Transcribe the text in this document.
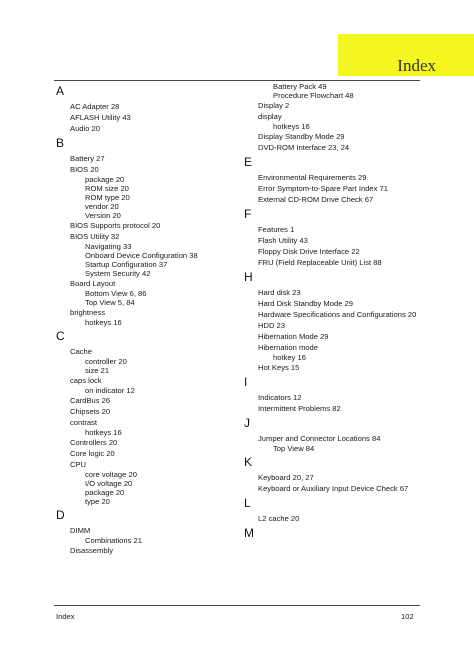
Index
A
AC Adapter 28
AFLASH Utility 43
Audio 20
B
Battery 27
BIOS 20
package 20
ROM size 20
ROM type 20
vendor 20
Version 20
BIOS Supports protocol 20
BIOS Utility 32
Navigating 33
Onboard Device Configuration 38
Startup Configuration 37
System Security 42
Board Layout
Bottom View 6, 86
Top View 5, 84
brightness
hotkeys 16
C
Cache
controller 20
size 21
caps lock
on indicator 12
CardBus 26
Chipsets 20
contrast
hotkeys 16
Controllers 20
Core logic 20
CPU
core voltage 20
I/O voltage 20
package 20
type 20
D
DIMM
Combinations 21
Disassembly
Battery Pack 49
Procedure Flowchart 48
Display 2
display
hotkeys 16
Display Standby Mode 29
DVD-ROM Interface 23, 24
E
Environmental Requirements 29
Error Symptom-to-Spare Part Index 71
External CD-ROM Drive Check 67
F
Features 1
Flash Utility 43
Floppy Disk Drive Interface 22
FRU (Field Replaceable Unit) List 88
H
Hard disk 23
Hard Disk Standby Mode 29
Hardware Specifications and Configurations 20
HDD 23
Hibernation Mode 29
Hibernation mode
hotkey 16
Hot Keys 15
I
Indicators 12
Intermittent Problems 82
J
Jumper and Connector Locations 84
Top View 84
K
Keyboard 20, 27
Keyboard or Auxiliary Input Device Check 67
L
L2 cache 20
M
Index	102
